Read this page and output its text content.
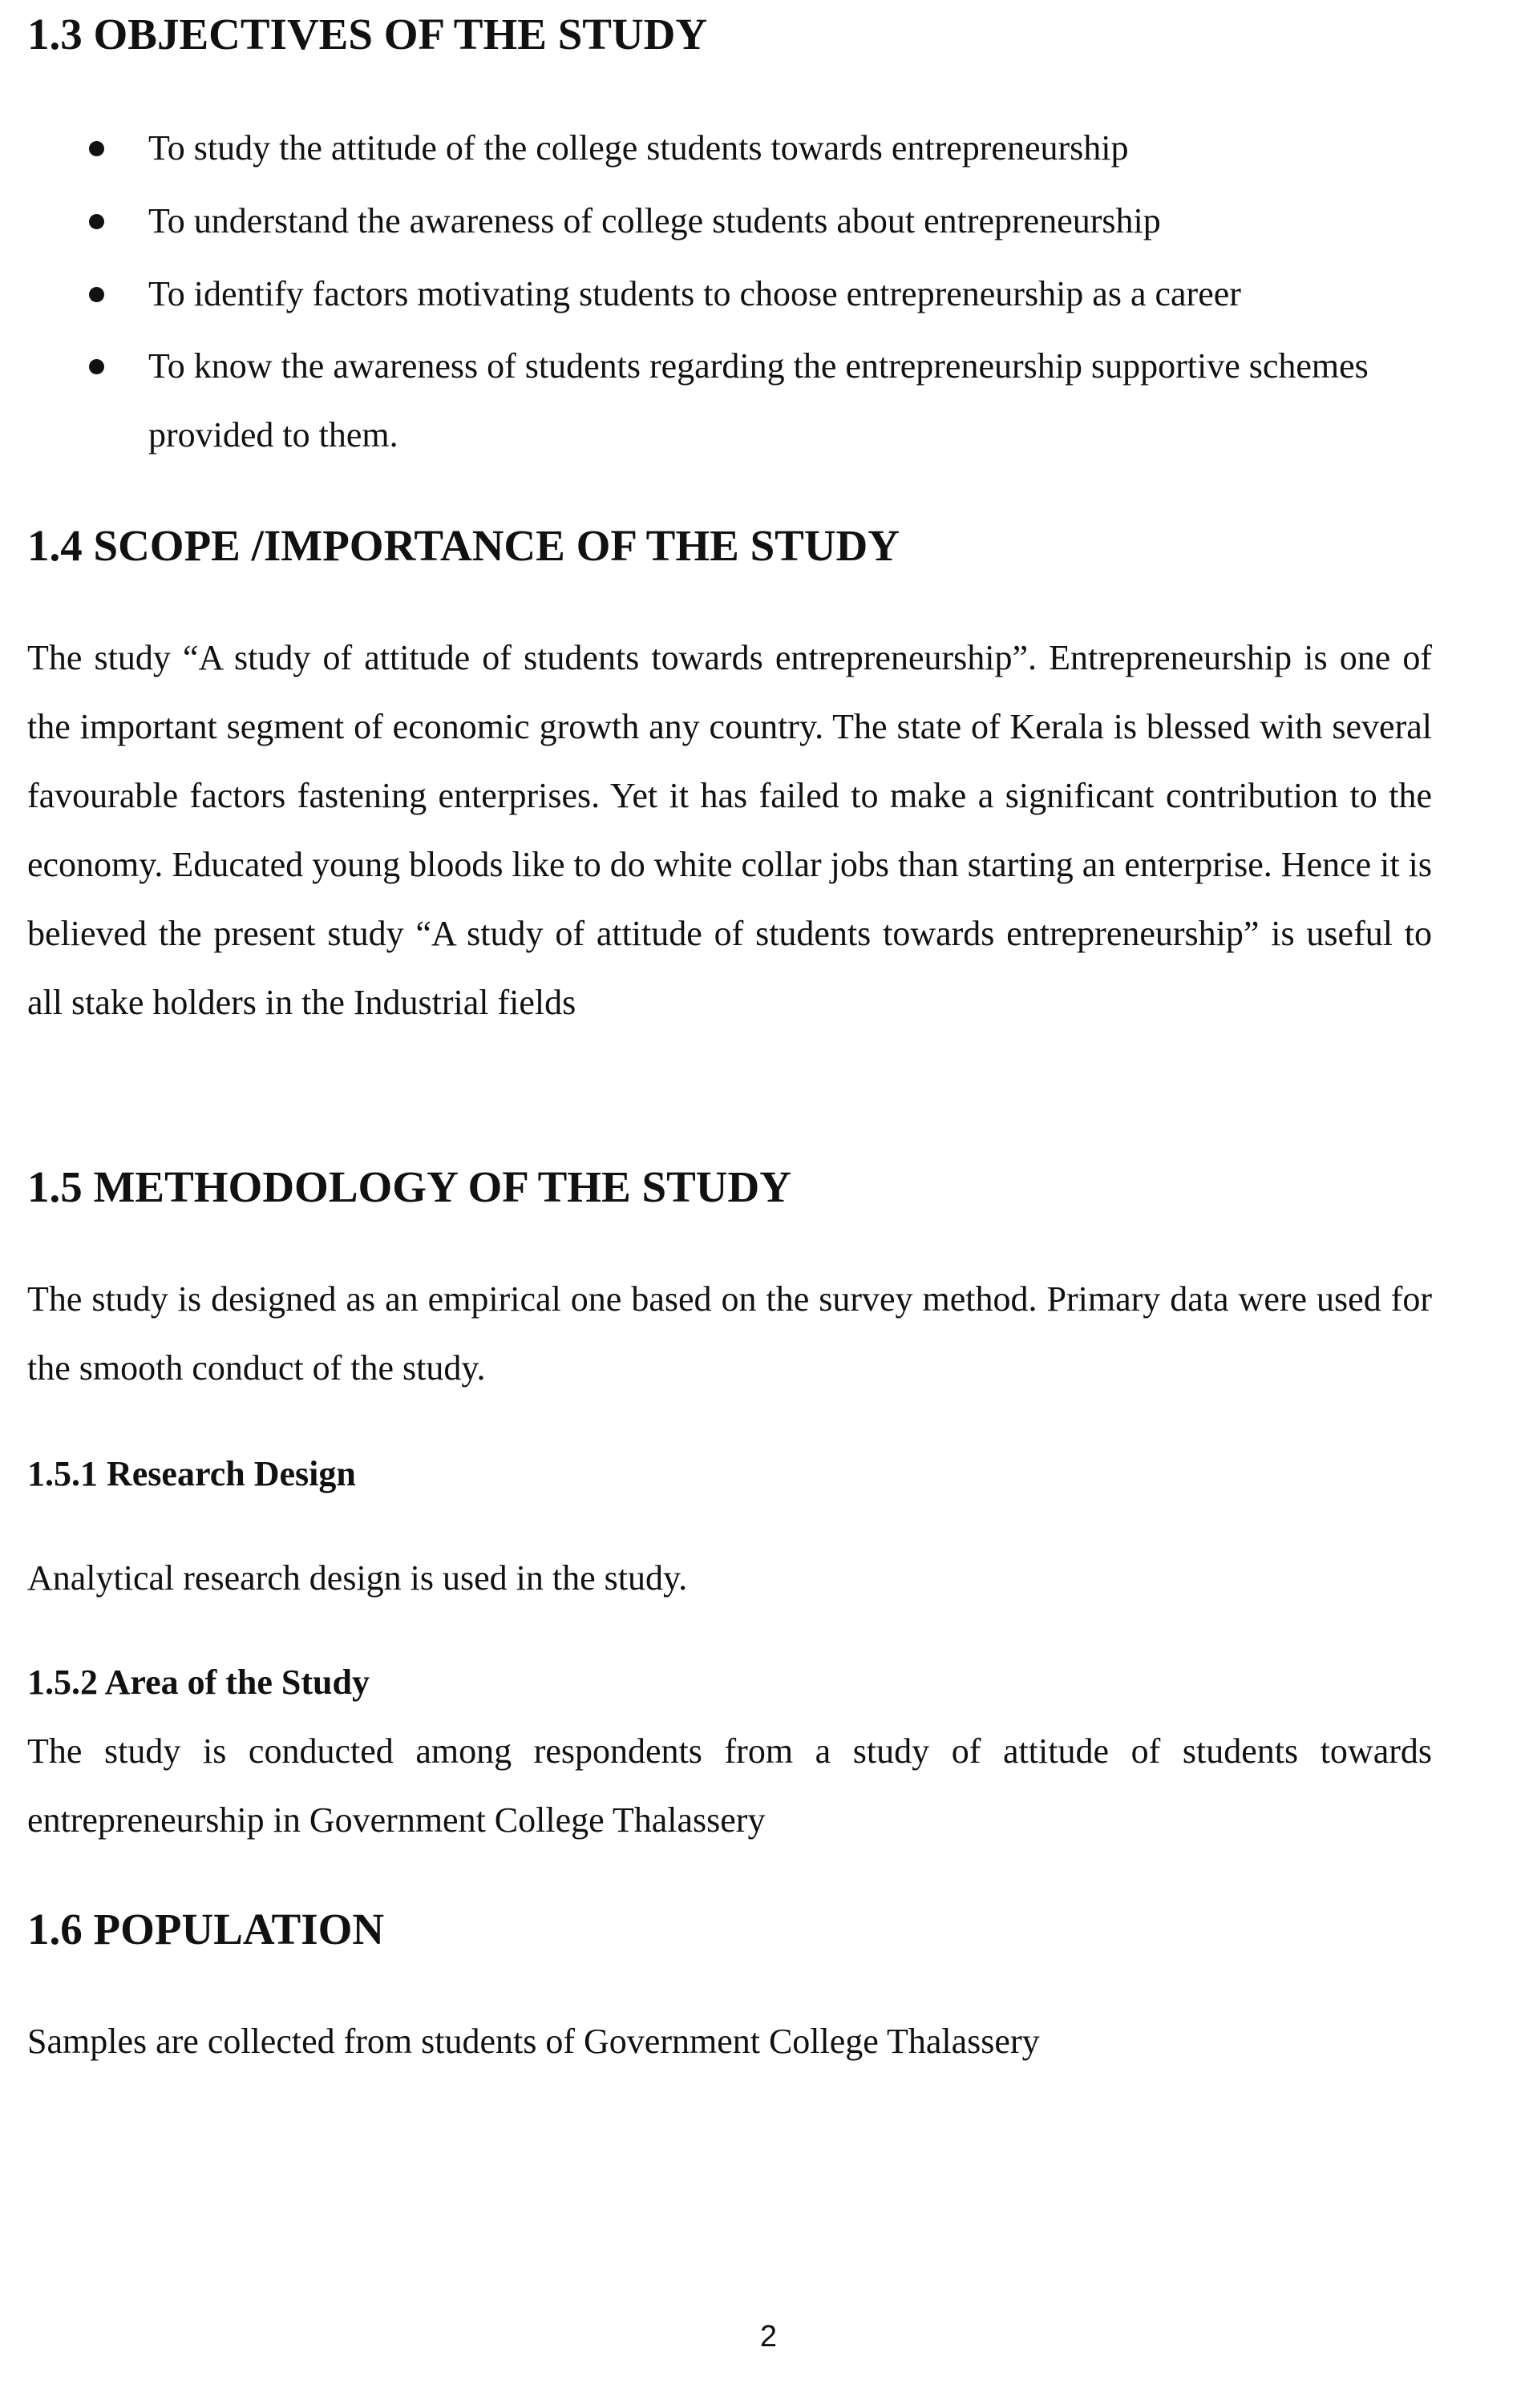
1.3 OBJECTIVES OF THE STUDY
To study the attitude of the college students towards entrepreneurship
To understand the awareness of college students about entrepreneurship
To identify factors motivating students to choose entrepreneurship as a career
To know the awareness of students regarding the entrepreneurship supportive schemes provided to them.
1.4 SCOPE /IMPORTANCE OF THE STUDY

The study “A study of attitude of students towards entrepreneurship”. Entrepreneurship is one of the important segment of economic growth any country. The state of Kerala is blessed with several favourable factors fastening enterprises. Yet it has failed to make a significant contribution to the economy. Educated young bloods like to do white collar jobs than starting an enterprise. Hence it is believed the present study “A study of attitude of students towards entrepreneurship” is useful to all stake holders in the Industrial fields

1.5 METHODOLOGY OF THE STUDY

The study is designed as an empirical one based on the survey method. Primary data were used for the smooth conduct of the study.

1.5.1 Research Design

Analytical research design is used in the study.

1.5.2 Area of the Study

The study is conducted among respondents from a study of attitude of students towards entrepreneurship in Government College Thalassery

1.6 POPULATION

Samples are collected from students of Government College Thalassery

2
